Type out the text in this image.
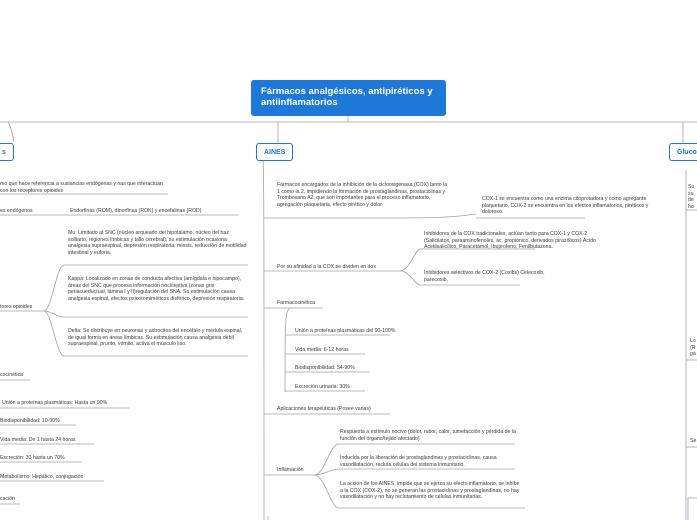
Fármacos analgésicos, antipiréticos y antiinflamatorios
s	AINES	Gluco
mo que hace referencia a sustancias endógenas y nas que interactuan con los receptores opioides
es endógenos	Endorfinas (ROM), dinorfinas (ROK) y encefalinas (ROD)
Mu: Limitado al SNC (núcleo arqueado del hipotálamo, núcleo del haz solitario, regiones límbicas y tallo cerebral), su estimulación ocasiona analgesia supraespinal, depresión respiratoria, miosis, reducción de motilidad intestinal y euforia.
tores opioides
Kappa: Localizado en zonas de conducta afectiva (amígdala e hipocampo), áreas del SNC que procesa información nociceptiva (zonas gris periacueductual, lámina I y II)regulación del SNA. Su estimulación causa analgesia espinal, efectos psicotomiméticos disfórico, depresión respiratoria.
Delta: Se distribuye en neuronas y astrocitos del encéfalo y médula espinal, de igual forma en áreas límbicas. Su estimulación causa analgesia débil supraespinal, prurito, vómito, activa el músculo liso.
cocinética
Unión a proteínas plasmáticas: Hasta un 90%
Biodisponibilidad: 10-90%
Vida media: De 1 hasta 24 horas
Excreción: 30 hasta un 70%
Metabolismo: Hepático, conjugación
cación
Fármacos encargados de la inhibición de la ciclooxigenasa (COX) tanto la 1 como la 2, impidiendo la formación de prostaglandinas, prostaciclinas y Tromboxano A2, que son importantes para el proceso inflamatorio, agregación plaquetaria, efecto pirético y dolor.
COX-1 se encuentra como una enzima citoprotadora y como agregante plaquetario, COX-2 se encuentra en los efectos inflamatorios, piréticos y doloroso.
Por su afinidad a la COX se dividen en dos
Inhibidores de la COX tradicionales, actúan tanto para COX-1 y COX-2 (Salicilatos, paraaminofenoles, ác. propiónico, derivados pirazólicos) Ácido Acetilsalicílico, Paracetamol, Ibuprofeno, Fenilbutazona.
Inhibidores selectivos de COX-2 (Coxibs) Celecoxib, parecoxib.
Farmacocinética
Unión a proteínas plasmáticas del 90-100%
Vida media: 6-12 horas
Biodisponibilidad: 54-90%
Excreción urinaria: 30%
Aplicaciones terapéuticas (Posee varias)
Inflamación
Respuesta a estímulo nocivo (dolor, rubor, calor, tumefacción y pérdida de la función del órgano/tejido afectado)
Inducida por la liberación de prostaglandinas y prostaciclinas, causa vasodilatación, recluta células del sistema inmunitario.
La acción de los AINES, impide que se ejerza su efecto inflamatorio, se inhibe a la COX (COX-2), no se generan las prostaciclinas y prostaglandinas, no hay vasodilatación y no hay reclutamiento de células inmunitarias.
Su su de ho
Lo (R ga
Se
